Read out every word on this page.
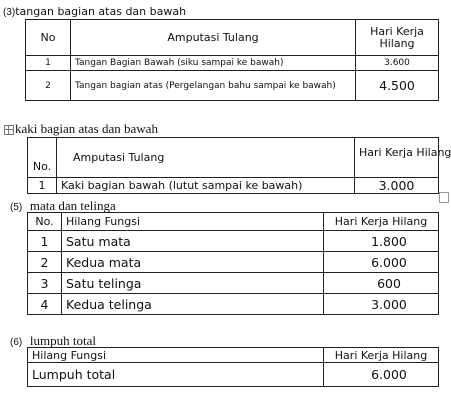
(3)tangan bagian atas dan bawah
No	Amputasi Tulang	Hari Kerja Hilang
1	Tangan Bagian Bawah (siku sampai ke bawah)	3.600
2	Tangan bagian atas (Pergelangan bahu sampai ke bawah)	4.500
kaki bagian atas dan bawah
No.	Amputasi Tulang	Hari Kerja Hilang
1	Kaki bagian bawah (lutut sampai ke bawah)	3.000
(5) mata dan telinga
No.	Hilang Fungsi	Hari Kerja Hilang
1	Satu mata	1.800
2	Kedua mata	6.000
3	Satu telinga	600
4	Kedua telinga	3.000
(6) lumpuh total
Hilang Fungsi	Hari Kerja Hilang
Lumpuh total	6.000
